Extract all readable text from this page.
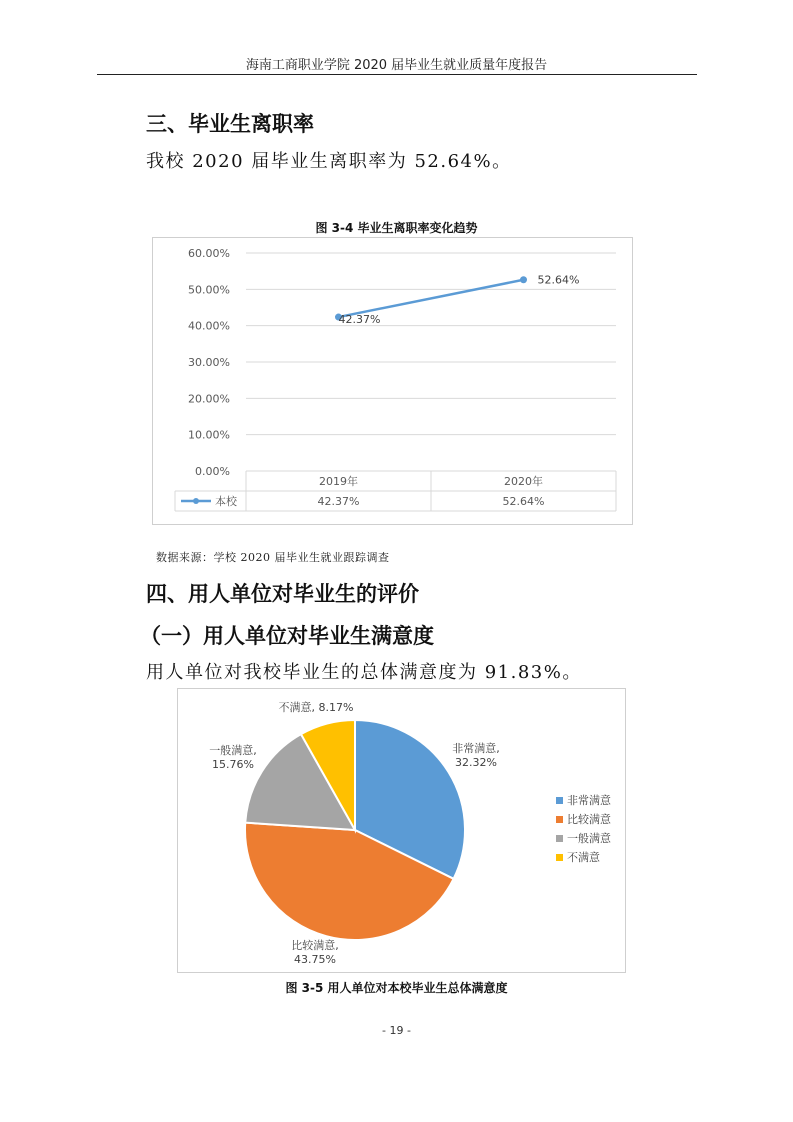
海南工商职业学院 2020 届毕业生就业质量年度报告
三、毕业生离职率
我校 2020 届毕业生离职率为 52.64%。
图 3-4 毕业生离职率变化趋势
0.00%
10.00%
20.00%
30.00%
40.00%
50.00%
60.00%
2019年	2020年
本校	42.37%	52.64%
42.37%
52.64%
数据来源：学校 2020 届毕业生就业跟踪调查
四、用人单位对毕业生的评价
（一）用人单位对毕业生满意度
用人单位对我校毕业生的总体满意度为 91.83%。
非常满意, 32.32%
比较满意, 43.75%
一般满意, 15.76%
不满意, 8.17%
非常满意
比较满意
一般满意
不满意
图 3-5 用人单位对本校毕业生总体满意度
- 19 -
